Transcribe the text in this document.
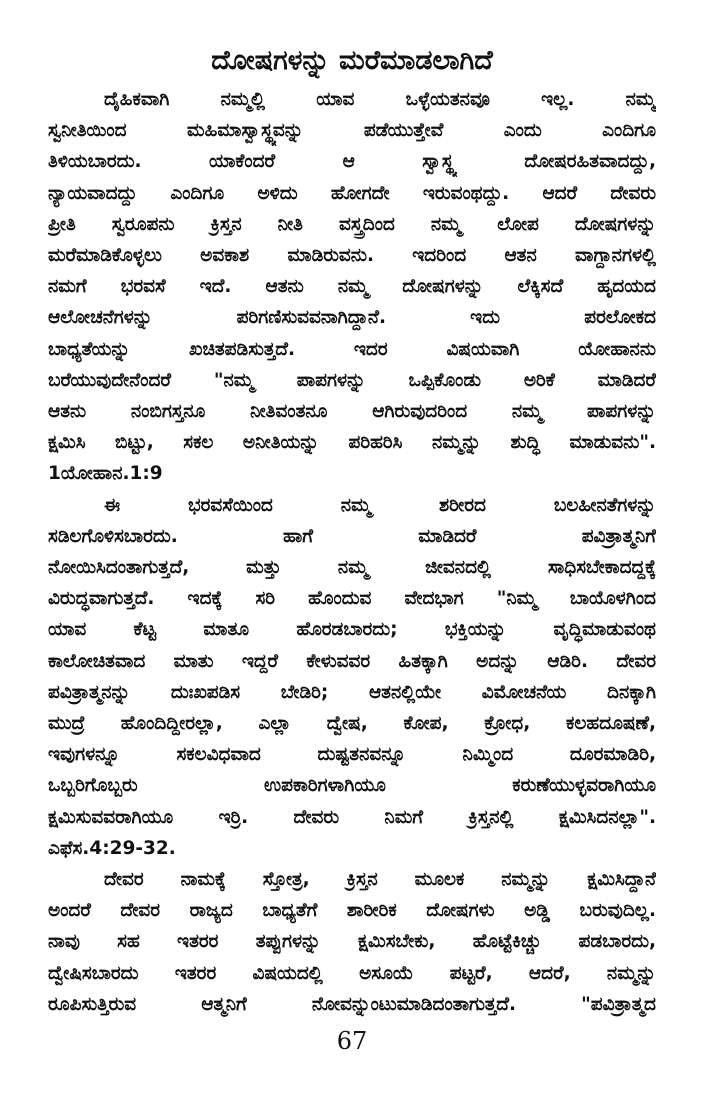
ದೋಷಗಳನ್ನು ಮರೆಮಾಡಲಾಗಿದೆ
ದೈಹಿಕವಾಗಿ ನಮ್ಮಲ್ಲಿ ಯಾವ ಒಳ್ಳೆಯತನವೂ ಇಲ್ಲ. ನಮ್ಮ
ಸ್ವನೀತಿಯಿಂದ ಮಹಿಮಾಸ್ವಾಸ್ಥ್ಯವನ್ನು ಪಡೆಯುತ್ತೇವೆ ಎಂದು ಎಂದಿಗೂ
ತಿಳಿಯಬಾರದು. ಯಾಕೆಂದರೆ ಆ ಸ್ವಾಸ್ಥ್ಯ ದೋಷರಹಿತವಾದದ್ದು,
ನ್ಯಾಯವಾದದ್ದು ಎಂದಿಗೂ ಅಳಿದು ಹೋಗದೇ ಇರುವಂಥದ್ದು. ಆದರೆ ದೇವರು
ಪ್ರೀತಿ ಸ್ವರೂಪನು ಕ್ರಿಸ್ತನ ನೀತಿ ವಸ್ತ್ರದಿಂದ ನಮ್ಮ ಲೋಪ ದೋಷಗಳನ್ನು
ಮರೆಮಾಡಿಕೊಳ್ಳಲು ಅವಕಾಶ ಮಾಡಿರುವನು. ಇದರಿಂದ ಆತನ ವಾಗ್ದಾನಗಳಲ್ಲಿ
ನಮಗೆ ಭರವಸೆ ಇದೆ. ಆತನು ನಮ್ಮ ದೋಷಗಳನ್ನು ಲೆಕ್ಕಿಸದೆ ಹೃದಯದ
ಆಲೋಚನೆಗಳನ್ನು ಪರಿಗಣಿಸುವವನಾಗಿದ್ದಾನೆ. ಇದು ಪರಲೋಕದ
ಬಾಧ್ಯತೆಯನ್ನು ಖಚಿತಪಡಿಸುತ್ತದೆ. ಇದರ ವಿಷಯವಾಗಿ ಯೋಹಾನನು
ಬರೆಯುವುದೇನೆಂದರೆ "ನಮ್ಮ ಪಾಪಗಳನ್ನು ಒಪ್ಪಿಕೊಂಡು ಅರಿಕೆ ಮಾಡಿದರೆ
ಆತನು ನಂಬಿಗಸ್ತನೂ ನೀತಿವಂತನೂ ಆಗಿರುವುದರಿಂದ ನಮ್ಮ ಪಾಪಗಳನ್ನು
ಕ್ಷಮಿಸಿ ಬಿಟ್ಟು, ಸಕಲ ಅನೀತಿಯನ್ನು ಪರಿಹರಿಸಿ ನಮ್ಮನ್ನು ಶುದ್ಧಿ ಮಾಡುವನು".
1ಯೋಹಾನ.1:9
ಈ ಭರವಸೆಯಿಂದ ನಮ್ಮ ಶರೀರದ ಬಲಹೀನತೆಗಳನ್ನು
ಸಡಿಲಗೊಳಿಸಬಾರದು. ಹಾಗೆ ಮಾಡಿದರೆ ಪವಿತ್ರಾತ್ಮನಿಗೆ
ನೋಯಿಸಿದಂತಾಗುತ್ತದೆ, ಮತ್ತು ನಮ್ಮ ಜೀವನದಲ್ಲಿ ಸಾಧಿಸಬೇಕಾದದ್ದಕ್ಕೆ
ವಿರುದ್ಧವಾಗುತ್ತದೆ. ಇದಕ್ಕೆ ಸರಿ ಹೊಂದುವ ವೇದಭಾಗ "ನಿಮ್ಮ ಬಾಯೊಳಗಿಂದ
ಯಾವ ಕೆಟ್ಟ ಮಾತೂ ಹೊರಡಬಾರದು; ಭಕ್ತಿಯನ್ನು ವೃದ್ಧಿಮಾಡುವಂಥ
ಕಾಲೋಚಿತವಾದ ಮಾತು ಇದ್ದರೆ ಕೇಳುವವರ ಹಿತಕ್ಕಾಗಿ ಅದನ್ನು ಆಡಿರಿ. ದೇವರ
ಪವಿತ್ರಾತ್ಮನನ್ನು ದುಃಖಪಡಿಸ ಬೇಡಿರಿ; ಆತನಲ್ಲಿಯೇ ವಿಮೋಚನೆಯ ದಿನಕ್ಕಾಗಿ
ಮುದ್ರೆ ಹೊಂದಿದ್ದೀರಲ್ಲಾ, ಎಲ್ಲಾ ದ್ವೇಷ, ಕೋಪ, ಕ್ರೋಧ, ಕಲಹದೂಷಣೆ,
ಇವುಗಳನ್ನೂ ಸಕಲವಿಧವಾದ ದುಷ್ಟತನವನ್ನೂ ನಿಮ್ಮಿಂದ ದೂರಮಾಡಿರಿ,
ಒಬ್ಬರಿಗೊಬ್ಬರು ಉಪಕಾರಿಗಳಾಗಿಯೂ ಕರುಣೆಯುಳ್ಳವರಾಗಿಯೂ
ಕ್ಷಮಿಸುವವರಾಗಿಯೂ ಇರ್ರಿ. ದೇವರು ನಿಮಗೆ ಕ್ರಿಸ್ತನಲ್ಲಿ ಕ್ಷಮಿಸಿದನಲ್ಲಾ".
ಎಫೆಸ.4:29-32.
ದೇವರ ನಾಮಕ್ಕೆ ಸ್ತೋತ್ರ, ಕ್ರಿಸ್ತನ ಮೂಲಕ ನಮ್ಮನ್ನು ಕ್ಷಮಿಸಿದ್ದಾನೆ
ಅಂದರೆ ದೇವರ ರಾಜ್ಯದ ಬಾಧ್ಯತೆಗೆ ಶಾರೀರಿಕ ದೋಷಗಳು ಅಡ್ಡಿ ಬರುವುದಿಲ್ಲ.
ನಾವು ಸಹ ಇತರರ ತಪ್ಪುಗಳನ್ನು ಕ್ಷಮಿಸಬೇಕು, ಹೊಟ್ಟೆಕಿಚ್ಚು ಪಡಬಾರದು,
ದ್ವೇಷಿಸಬಾರದು ಇತರರ ವಿಷಯದಲ್ಲಿ ಅಸೂಯೆ ಪಟ್ಟರೆ, ಆದರೆ, ನಮ್ಮನ್ನು
ರೂಪಿಸುತ್ತಿರುವ ಆತ್ಮನಿಗೆ ನೋವನ್ನುಂಟುಮಾಡಿದಂತಾಗುತ್ತದೆ. "ಪವಿತ್ರಾತ್ಮದ
67
